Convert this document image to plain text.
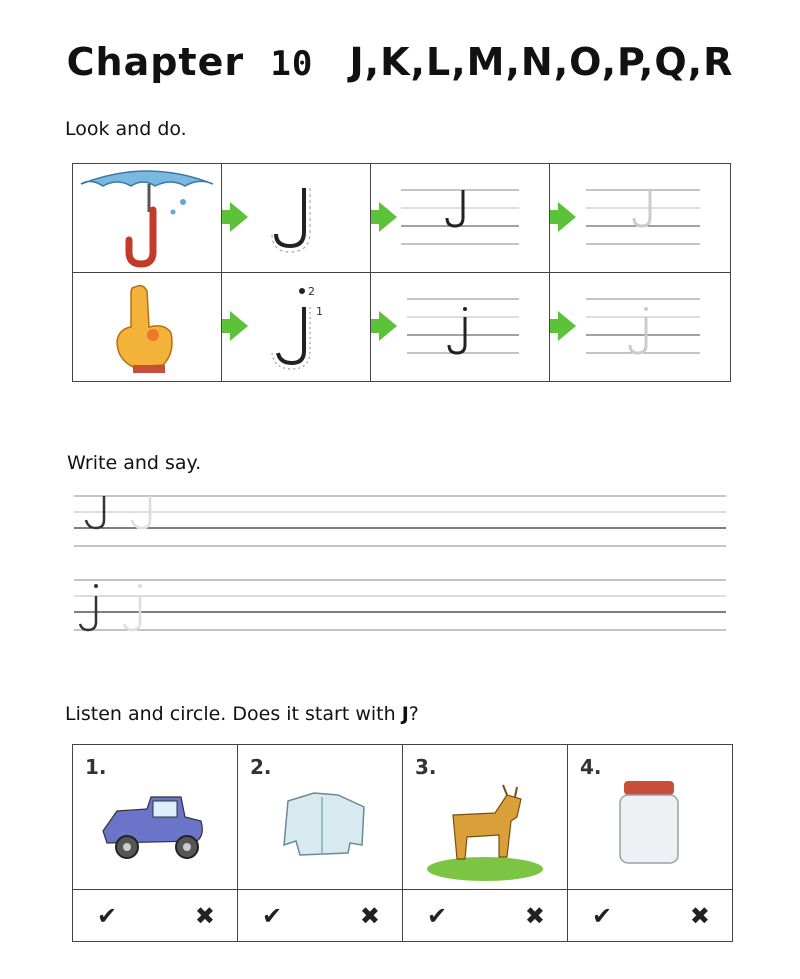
Chapter 10 J,K,L,M,N,O,P,Q,R
Look and do.

2
1

Write and say.
Listen and circle. Does it start with J?
1.	2.	3.	4.

✔ ✖	✔ ✖	✔ ✖	✔ ✖
